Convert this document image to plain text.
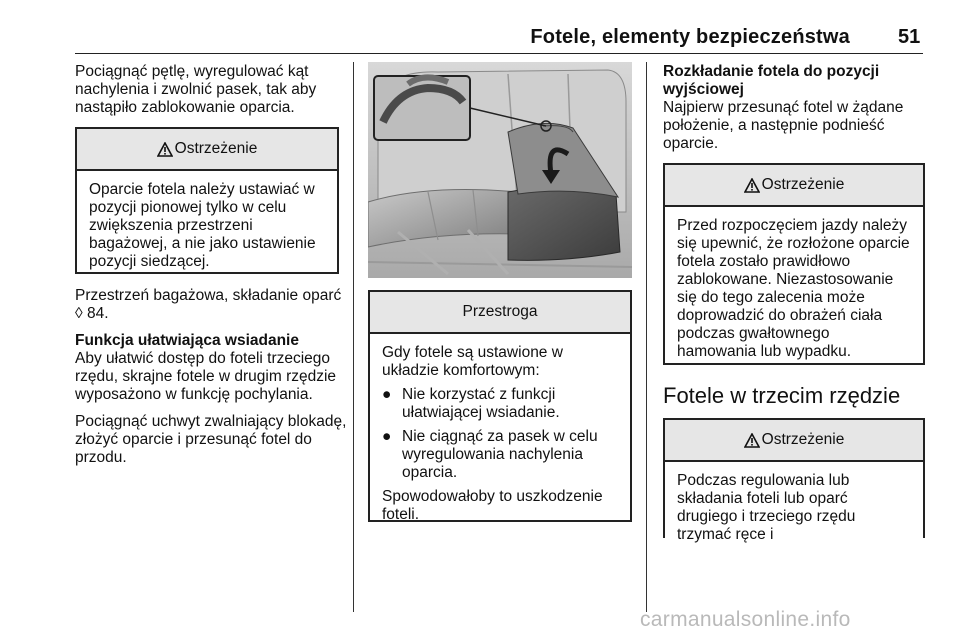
Fotele, elementy bezpieczeństwa 51

Pociągnąć pętlę, wyregulować kąt nachylenia i zwolnić pasek, tak aby nastąpiło zablokowanie oparcia.

Ostrzeżenie
Oparcie fotela należy ustawiać w pozycji pionowej tylko w celu zwiększenia przestrzeni bagażowej, a nie jako ustawienie pozycji siedzącej.

Przestrzeń bagażowa, składanie oparć ◊ 84.

Funkcja ułatwiająca wsiadanie

Aby ułatwić dostęp do foteli trzeciego rzędu, skrajne fotele w drugim rzędzie wyposażono w funkcję pochylania.

Pociągnąć uchwyt zwalniający blokadę, złożyć oparcie i przesunąć fotel do przodu.

Przestroga
Gdy fotele są ustawione w układzie komfortowym:
● Nie korzystać z funkcji ułatwiającej wsiadanie.
● Nie ciągnąć za pasek w celu wyregulowania nachylenia oparcia.
Spowodowałoby to uszkodzenie foteli.

Rozkładanie fotela do pozycji wyjściowej

Najpierw przesunąć fotel w żądane położenie, a następnie podnieść oparcie.

Ostrzeżenie
Przed rozpoczęciem jazdy należy się upewnić, że rozłożone oparcie fotela zostało prawidłowo zablokowane. Niezastosowanie się do tego zalecenia może doprowadzić do obrażeń ciała podczas gwałtownego hamowania lub wypadku.
Fotele w trzecim rzędzie
Ostrzeżenie
Podczas regulowania lub składania foteli lub oparć drugiego i trzeciego rzędu trzymać ręce i
carmanualsonline.info
